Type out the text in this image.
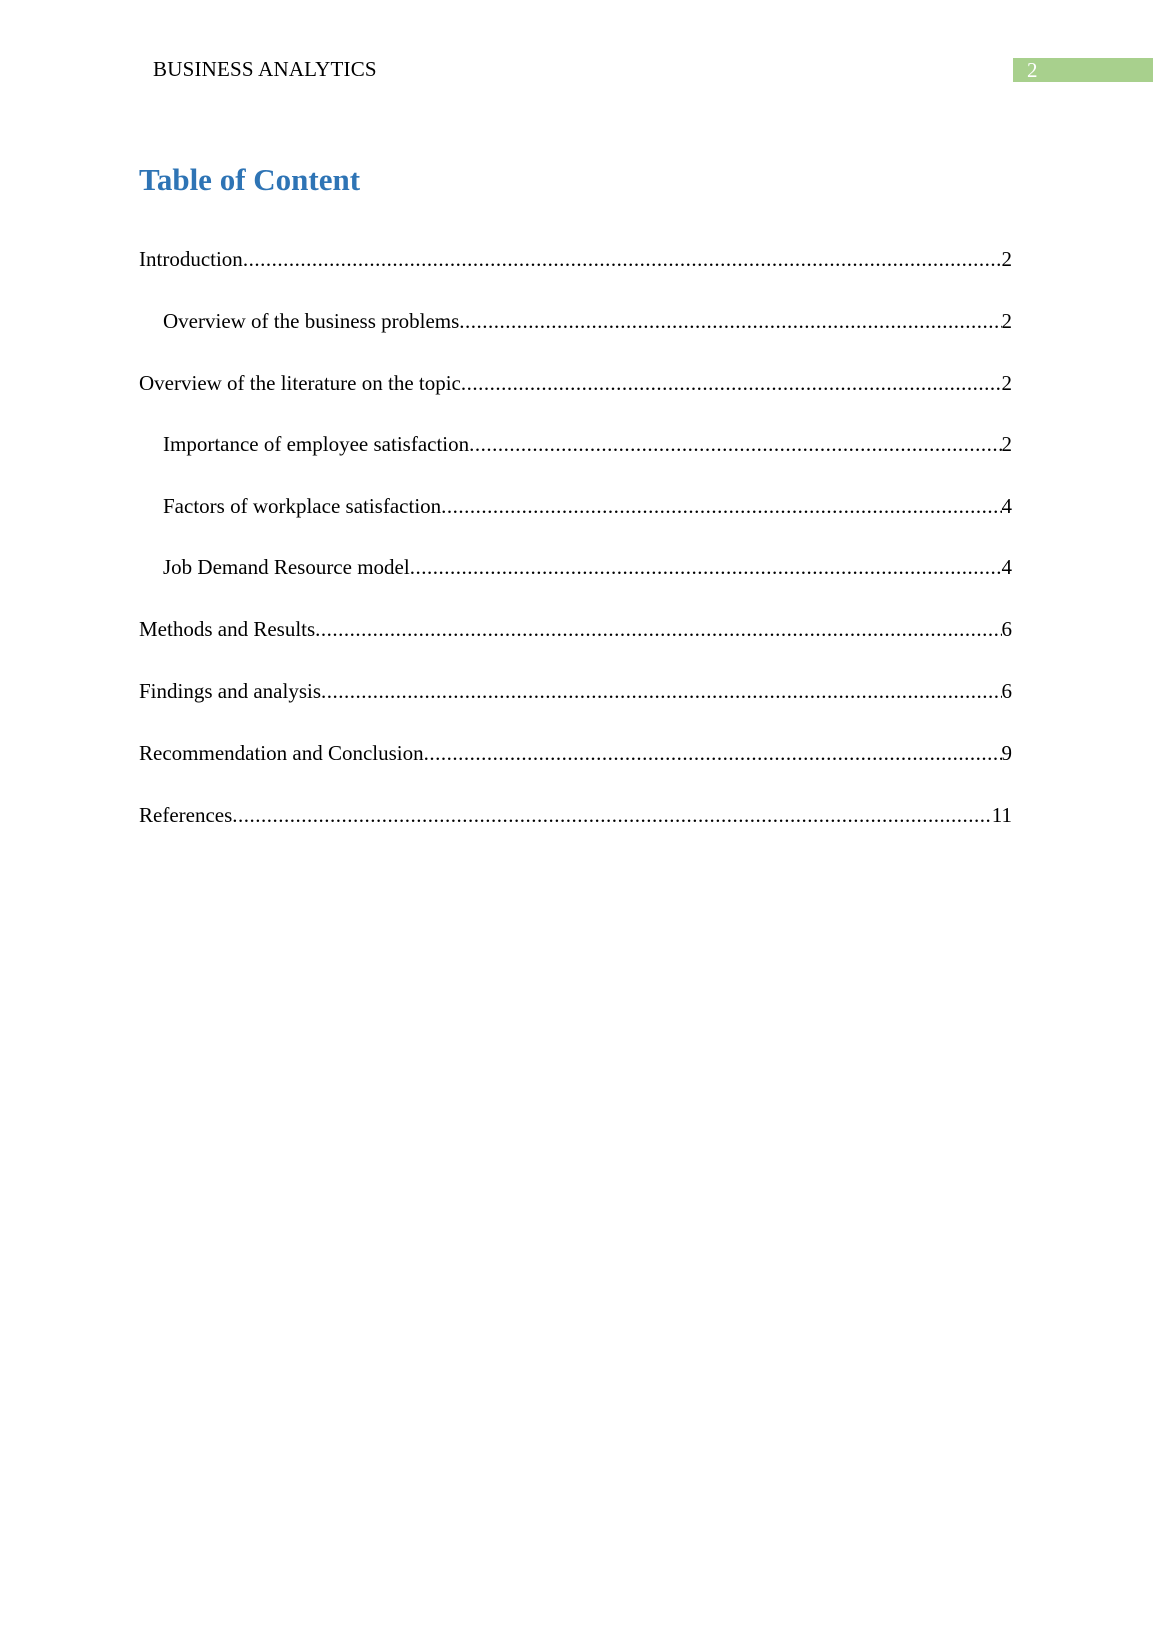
BUSINESS ANALYTICS	2
Table of Content
Introduction .....	2
Overview of the business problems .....	2
Overview of the literature on the topic .....	2
Importance of employee satisfaction .....	2
Factors of workplace satisfaction .....	4
Job Demand Resource model .....	4
Methods and Results .....	6
Findings and analysis .....	6
Recommendation and Conclusion .....	9
References .....	11
